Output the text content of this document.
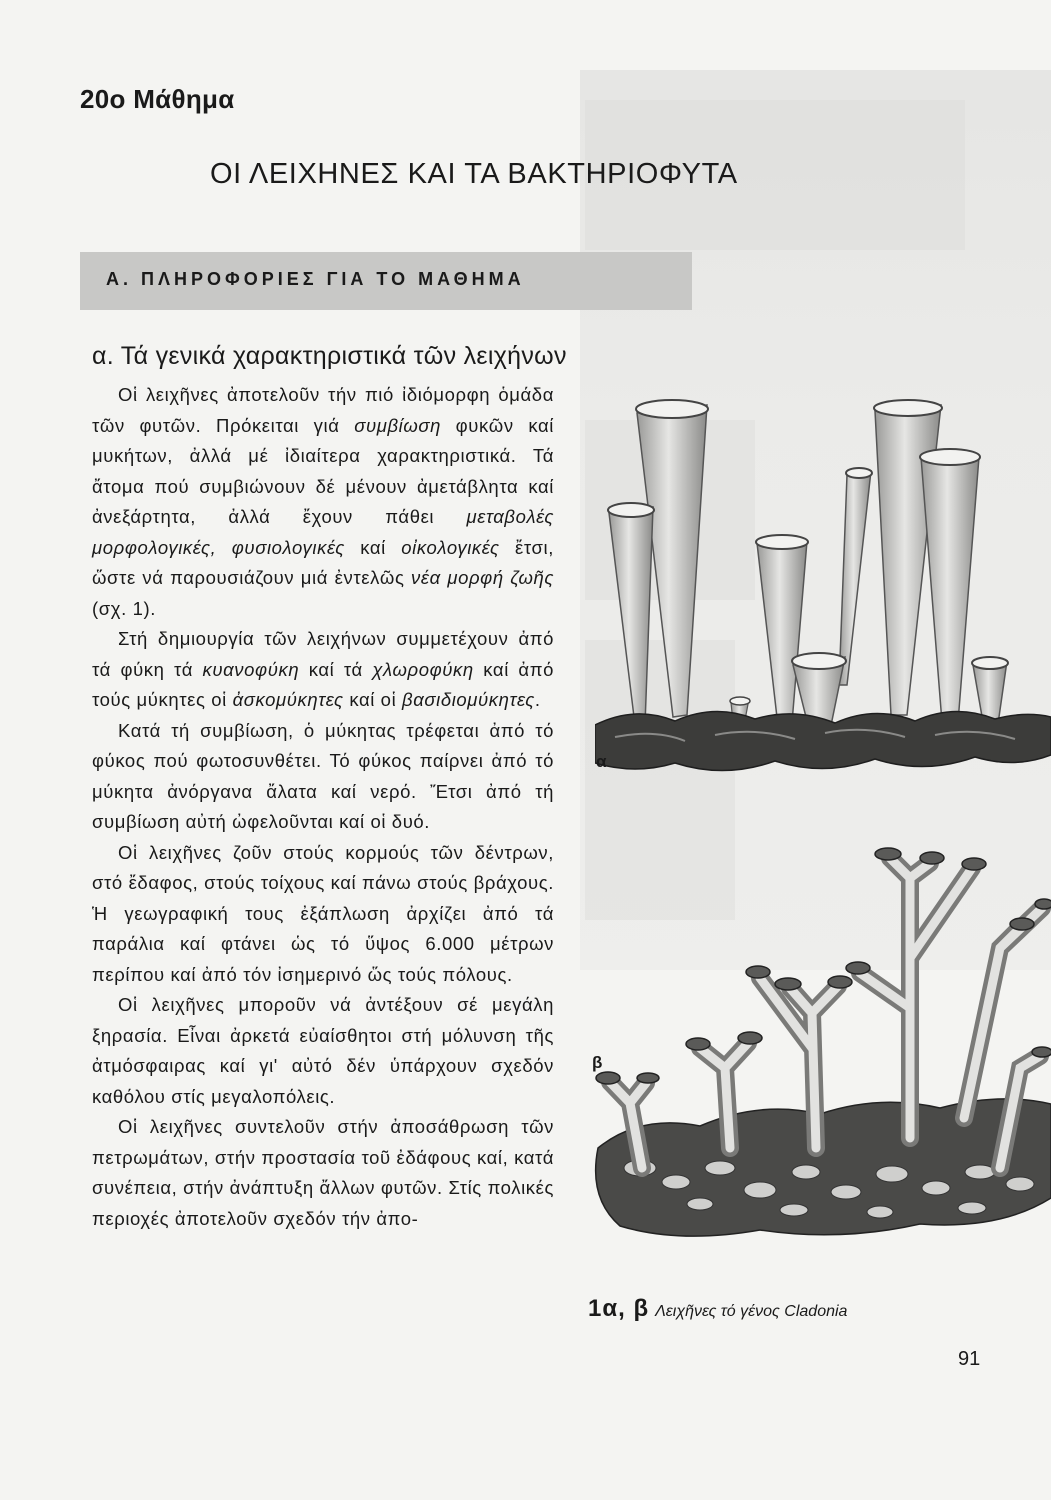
20ο Μάθημα
ΟΙ ΛΕΙΧΗΝΕΣ ΚΑΙ ΤΑ ΒΑΚΤΗΡΙΟΦΥΤΑ
Α. ΠΛΗΡΟΦΟΡΙΕΣ ΓΙΑ ΤΟ ΜΑΘΗΜΑ
α. Τά γενικά χαρακτηριστικά τῶν λειχήνων

Οἱ λειχῆνες ἀποτελοῦν τήν πιό ἰδιόμορφη ὁμάδα τῶν φυτῶν. Πρόκειται γιά συμβίωση φυκῶν καί μυκήτων, ἀλλά μέ ἰδιαίτερα χαρακτηριστικά. Τά ἄτομα πού συμβιώνουν δέ μένουν ἀμετάβλητα καί ἀνεξάρτητα, ἀλλά ἔχουν πάθει μεταβολές μορφολογικές, φυσιολογικές καί οἰκολογικές ἔτσι, ὥστε νά παρουσιάζουν μιά ἐντελῶς νέα μορφή ζωῆς (σχ. 1).

Στή δημιουργία τῶν λειχήνων συμμετέχουν ἀπό τά φύκη τά κυανοφύκη καί τά χλωροφύκη καί ἀπό τούς μύκητες οἱ ἀσκομύκητες καί οἱ βασιδιομύκητες.

Κατά τή συμβίωση, ὁ μύκητας τρέφεται ἀπό τό φύκος πού φωτοσυνθέτει. Τό φύκος παίρνει ἀπό τό μύκητα ἀνόργανα ἄλατα καί νερό. Ἔτσι ἀπό τή συμβίωση αὐτή ὠφελοῦνται καί οἱ δυό.

Οἱ λειχῆνες ζοῦν στούς κορμούς τῶν δέντρων, στό ἔδαφος, στούς τοίχους καί πάνω στούς βράχους. Ἡ γεωγραφική τους ἐξάπλωση ἀρχίζει ἀπό τά παράλια καί φτάνει ὡς τό ὕψος 6.000 μέτρων περίπου καί ἀπό τόν ἰσημερινό ὥς τούς πόλους.

Οἱ λειχῆνες μποροῦν νά ἀντέξουν σέ μεγάλη ξηρασία. Εἶναι ἀρκετά εὐαίσθητοι στή μόλυνση τῆς ἀτμόσφαιρας καί γι' αὐτό δέν ὑπάρχουν σχεδόν καθόλου στίς μεγαλοπόλεις.

Οἱ λειχῆνες συντελοῦν στήν ἀποσάθρωση τῶν πετρωμάτων, στήν προστασία τοῦ ἐδάφους καί, κατά συνέπεια, στήν ἀνάπτυξη ἄλλων φυτῶν. Στίς πολικές περιοχές ἀποτελοῦν σχεδόν τήν ἀπο-

α
β
1α, β Λειχῆνες τό γένος Cladonia
91
